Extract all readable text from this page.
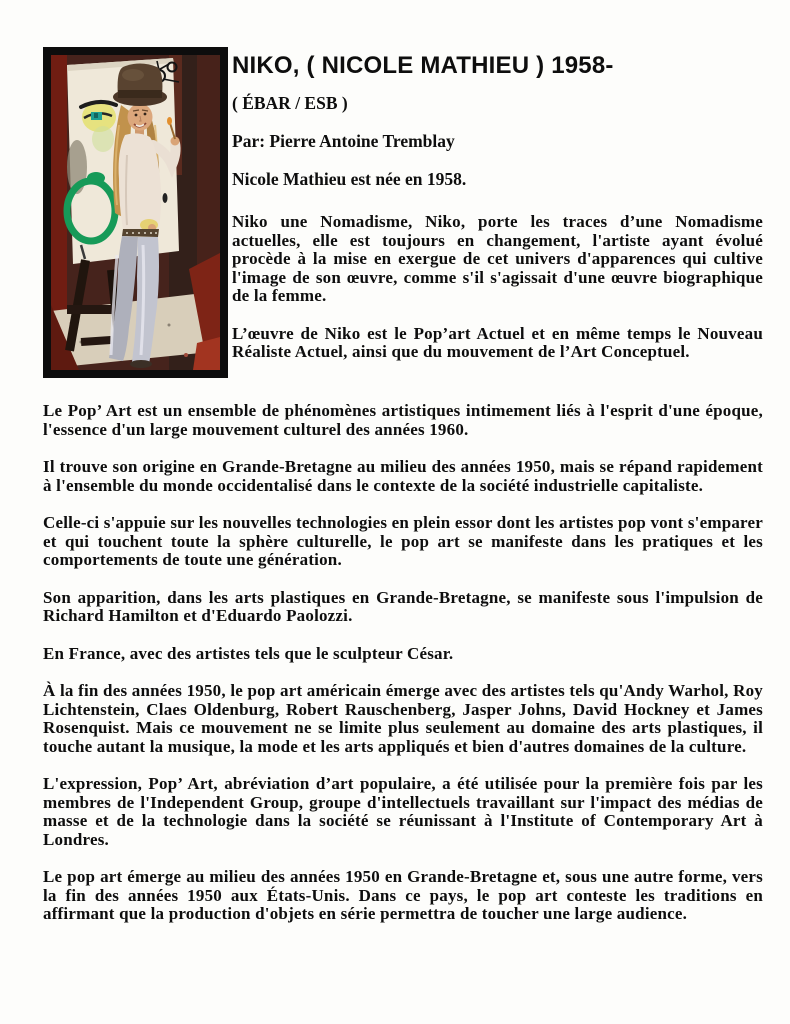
NIKO, ( NICOLE MATHIEU ) 1958-

( ÉBAR / ESB )

Par: Pierre Antoine Tremblay

Nicole Mathieu est née en 1958.

Niko une Nomadisme, Niko, porte les traces d’une Nomadisme actuelles, elle est toujours en changement, l'artiste ayant évolué procède à la mise en exergue de cet univers d'apparences qui cultive l'image de son œuvre, comme s'il s'agissait d'une œuvre biographique de la femme.

L’œuvre de Niko est le Pop’art Actuel et en même temps le Nouveau Réaliste Actuel, ainsi que du mouvement de l’Art Conceptuel.

Le Pop’ Art est un ensemble de phénomènes artistiques intimement liés à l'esprit d'une époque, l'essence d'un large mouvement culturel des années 1960.

Il trouve son origine en Grande-Bretagne au milieu des années 1950, mais se répand rapidement à l'ensemble du monde occidentalisé dans le contexte de la société industrielle capitaliste.

Celle-ci s'appuie sur les nouvelles technologies en plein essor dont les artistes pop vont s'emparer et qui touchent toute la sphère culturelle, le pop art se manifeste dans les pratiques et les comportements de toute une génération.

Son apparition, dans les arts plastiques en Grande-Bretagne, se manifeste sous l'impulsion de Richard Hamilton et d'Eduardo Paolozzi.

En France, avec des artistes tels que le sculpteur César.

À la fin des années 1950, le pop art américain émerge avec des artistes tels qu'Andy Warhol, Roy Lichtenstein, Claes Oldenburg, Robert Rauschenberg, Jasper Johns, David Hockney et James Rosenquist. Mais ce mouvement ne se limite plus seulement au domaine des arts plastiques, il touche autant la musique, la mode et les arts appliqués et bien d'autres domaines de la culture.

L'expression, Pop’ Art, abréviation d’art populaire, a été utilisée pour la première fois par les membres de l'Independent Group, groupe d'intellectuels travaillant sur l'impact des médias de masse et de la technologie dans la société se réunissant à l'Institute of Contemporary Art à Londres.

Le pop art émerge au milieu des années 1950 en Grande-Bretagne et, sous une autre forme, vers la fin des années 1950 aux États-Unis. Dans ce pays, le pop art conteste les traditions en affirmant que la production d'objets en série permettra de toucher une large audience.
